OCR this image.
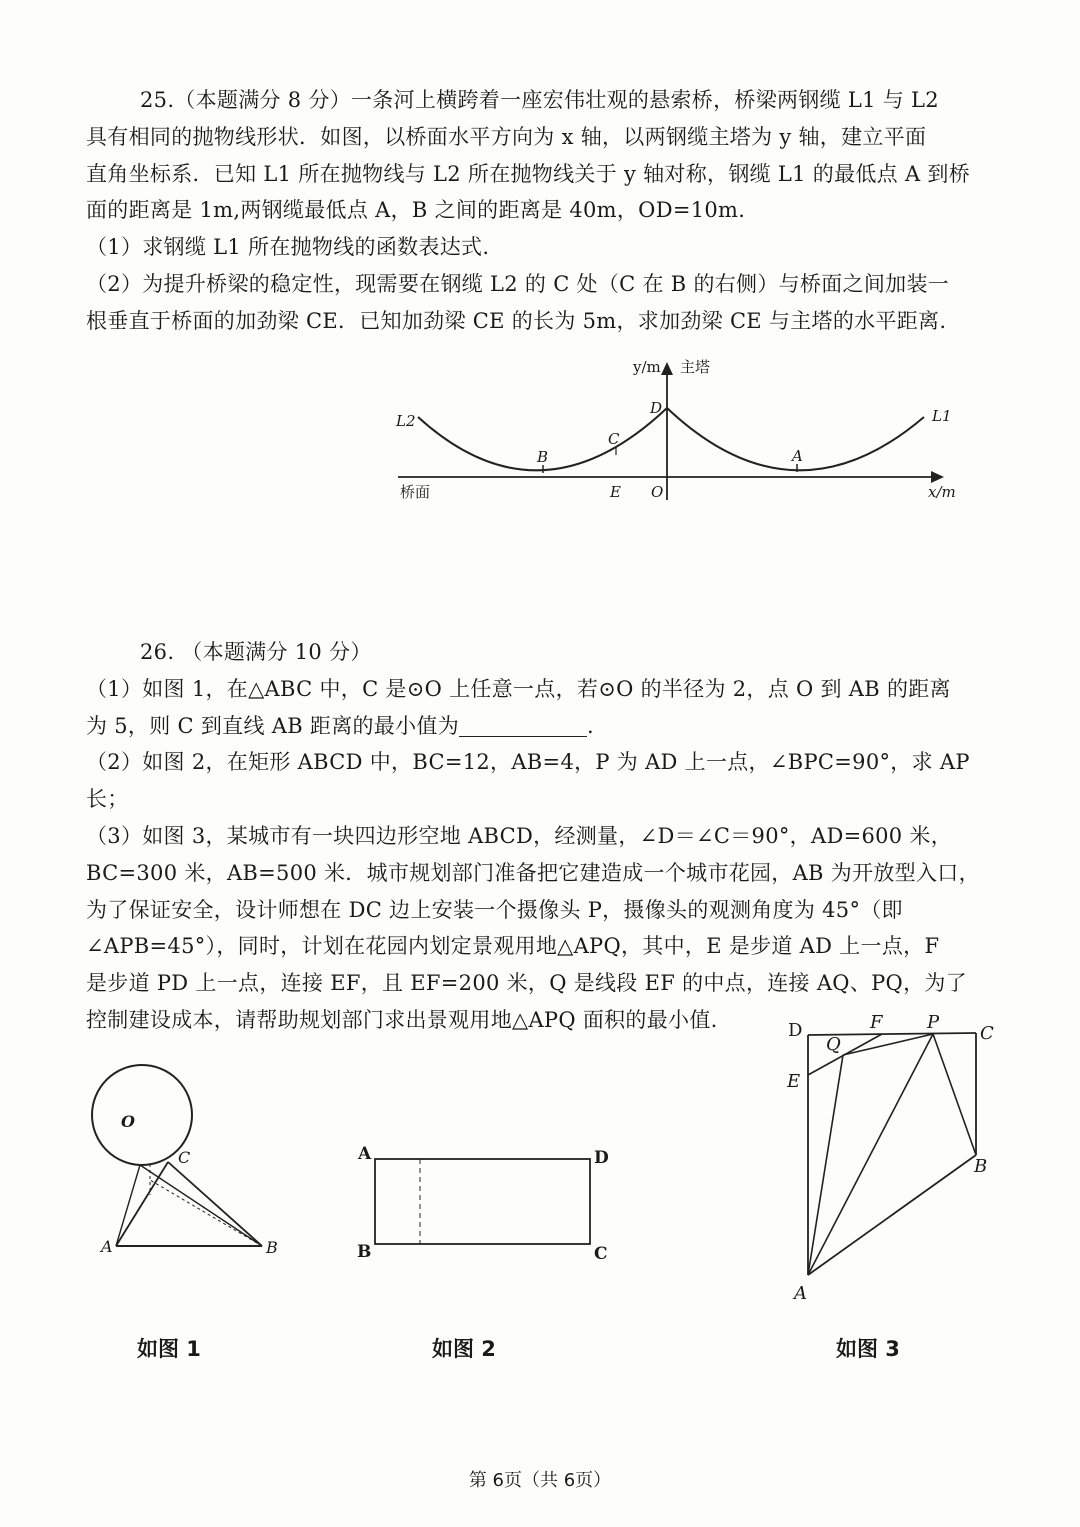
25.（本题满分 8 分）一条河上横跨着一座宏伟壮观的悬索桥，桥梁两钢缆 L1 与 L2

具有相同的抛物线形状．如图，以桥面水平方向为 x 轴，以两钢缆主塔为 y 轴，建立平面

直角坐标系．已知 L1 所在抛物线与 L2 所在抛物线关于 y 轴对称，钢缆 L1 的最低点 A 到桥

面的距离是 1m,两钢缆最低点 A，B 之间的距离是 40m，OD=10m.

（1）求钢缆 L1 所在抛物线的函数表达式.

（2）为提升桥梁的稳定性，现需要在钢缆 L2 的 C 处（C 在 B 的右侧）与桥面之间加装一

根垂直于桥面的加劲梁 CE．已知加劲梁 CE 的长为 5m，求加劲梁 CE 与主塔的水平距离.

y/m 主塔
L2	L1
D
C
B	A
桥面	E O	x/m

26. （本题满分 10 分）

（1）如图 1，在△ABC 中，C 是⊙O 上任意一点，若⊙O 的半径为 2，点 O 到 AB 的距离

为 5，则 C 到直线 AB 距离的最小值为	.

（2）如图 2，在矩形 ABCD 中，BC=12，AB=4，P 为 AD 上一点，∠BPC=90°，求 AP 长；

（3）如图 3，某城市有一块四边形空地 ABCD，经测量，∠D＝∠C＝90°，AD=600 米，

BC=300 米，AB=500 米．城市规划部门准备把它建造成一个城市花园，AB 为开放型入口，

为了保证安全，设计师想在 DC 边上安装一个摄像头 P，摄像头的观测角度为 45°（即

∠APB=45°），同时，计划在花园内划定景观用地△APQ，其中，E 是步道 AD 上一点，F

是步道 PD 上一点，连接 EF，且 EF=200 米，Q 是线段 EF 的中点，连接 AQ、PQ，为了

控制建设成本，请帮助规划部门求出景观用地△APQ 面积的最小值.

O
C
A	B
A	D
B	C
D	F P
C
Q
E
B
A
如图 1	如图 2	如图 3
第 6页（共 6页）
